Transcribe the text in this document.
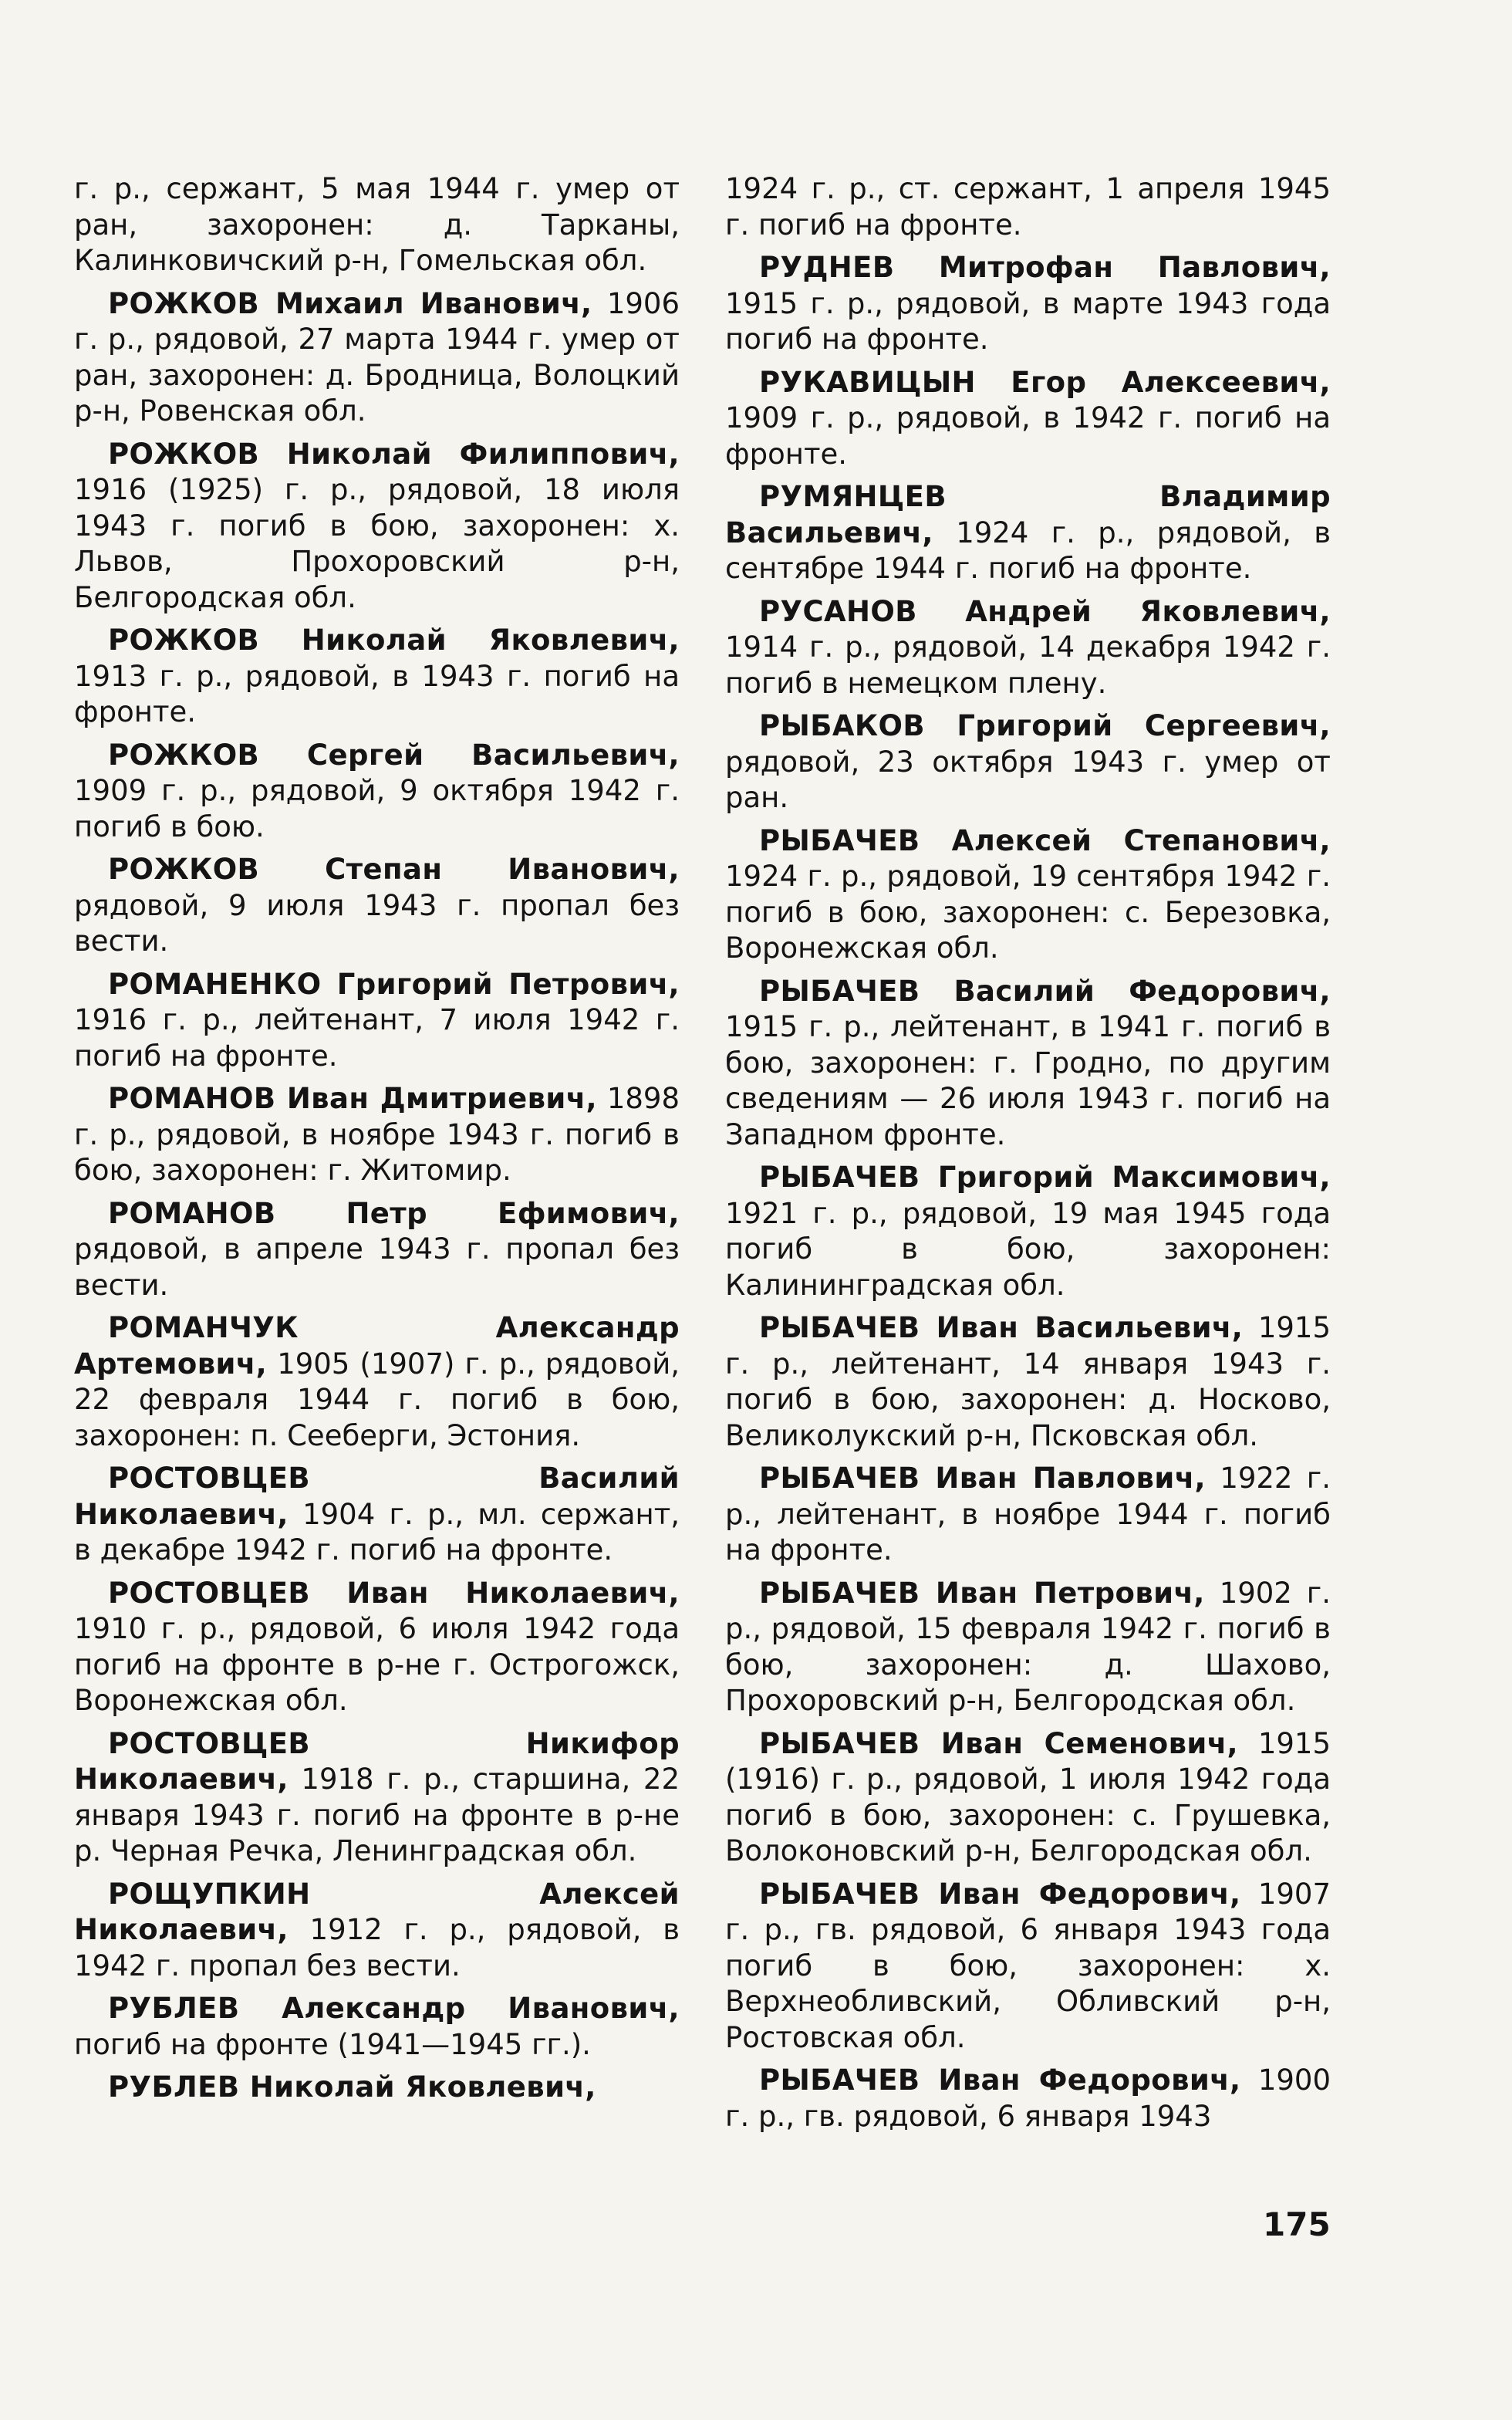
г. р., сержант, 5 мая 1944 г. умер от ран, захоронен: д. Тарканы, Калинковичский р-н, Гомельская обл.

РОЖКОВ Михаил Иванович, 1906 г. р., рядовой, 27 марта 1944 г. умер от ран, захоронен: д. Бродница, Волоцкий р-н, Ровенская обл.

РОЖКОВ Николай Филиппович, 1916 (1925) г. р., рядовой, 18 июля 1943 г. погиб в бою, захоронен: х. Львов, Прохоровский р-н, Белгородская обл.

РОЖКОВ Николай Яковлевич, 1913 г. р., рядовой, в 1943 г. погиб на фронте.

РОЖКОВ Сергей Васильевич, 1909 г. р., рядовой, 9 октября 1942 г. погиб в бою.

РОЖКОВ Степан Иванович, рядовой, 9 июля 1943 г. пропал без вести.

РОМАНЕНКО Григорий Петрович, 1916 г. р., лейтенант, 7 июля 1942 г. погиб на фронте.

РОМАНОВ Иван Дмитриевич, 1898 г. р., рядовой, в ноябре 1943 г. погиб в бою, захоронен: г. Житомир.

РОМАНОВ Петр Ефимович, рядовой, в апреле 1943 г. пропал без вести.

РОМАНЧУК Александр Артемович, 1905 (1907) г. р., рядовой, 22 февраля 1944 г. погиб в бою, захоронен: п. Сееберги, Эстония.

РОСТОВЦЕВ Василий Николаевич, 1904 г. р., мл. сержант, в декабре 1942 г. погиб на фронте.

РОСТОВЦЕВ Иван Николаевич, 1910 г. р., рядовой, 6 июля 1942 года погиб на фронте в р-не г. Острогожск, Воронежская обл.

РОСТОВЦЕВ Никифор Николаевич, 1918 г. р., старшина, 22 января 1943 г. погиб на фронте в р-не р. Черная Речка, Ленинградская обл.

РОЩУПКИН Алексей Николаевич, 1912 г. р., рядовой, в 1942 г. пропал без вести.

РУБЛЕВ Александр Иванович, погиб на фронте (1941—1945 гг.).

РУБЛЕВ Николай Яковлевич,

1924 г. р., ст. сержант, 1 апреля 1945 г. погиб на фронте.

РУДНЕВ Митрофан Павлович, 1915 г. р., рядовой, в марте 1943 года погиб на фронте.

РУКАВИЦЫН Егор Алексеевич, 1909 г. р., рядовой, в 1942 г. погиб на фронте.

РУМЯНЦЕВ Владимир Васильевич, 1924 г. р., рядовой, в сентябре 1944 г. погиб на фронте.

РУСАНОВ Андрей Яковлевич, 1914 г. р., рядовой, 14 декабря 1942 г. погиб в немецком плену.

РЫБАКОВ Григорий Сергеевич, рядовой, 23 октября 1943 г. умер от ран.

РЫБАЧЕВ Алексей Степанович, 1924 г. р., рядовой, 19 сентября 1942 г. погиб в бою, захоронен: с. Березовка, Воронежская обл.

РЫБАЧЕВ Василий Федорович, 1915 г. р., лейтенант, в 1941 г. погиб в бою, захоронен: г. Гродно, по другим сведениям — 26 июля 1943 г. погиб на Западном фронте.

РЫБАЧЕВ Григорий Максимович, 1921 г. р., рядовой, 19 мая 1945 года погиб в бою, захоронен: Калининградская обл.

РЫБАЧЕВ Иван Васильевич, 1915 г. р., лейтенант, 14 января 1943 г. погиб в бою, захоронен: д. Носково, Великолукский р-н, Псковская обл.

РЫБАЧЕВ Иван Павлович, 1922 г. р., лейтенант, в ноябре 1944 г. погиб на фронте.

РЫБАЧЕВ Иван Петрович, 1902 г. р., рядовой, 15 февраля 1942 г. погиб в бою, захоронен: д. Шахово, Прохоровский р-н, Белгородская обл.

РЫБАЧЕВ Иван Семенович, 1915 (1916) г. р., рядовой, 1 июля 1942 года погиб в бою, захоронен: с. Грушевка, Волоконовский р-н, Белгородская обл.

РЫБАЧЕВ Иван Федорович, 1907 г. р., гв. рядовой, 6 января 1943 года погиб в бою, захоронен: х. Верхнеобливский, Обливский р-н, Ростовская обл.

РЫБАЧЕВ Иван Федорович, 1900 г. р., гв. рядовой, 6 января 1943

175
